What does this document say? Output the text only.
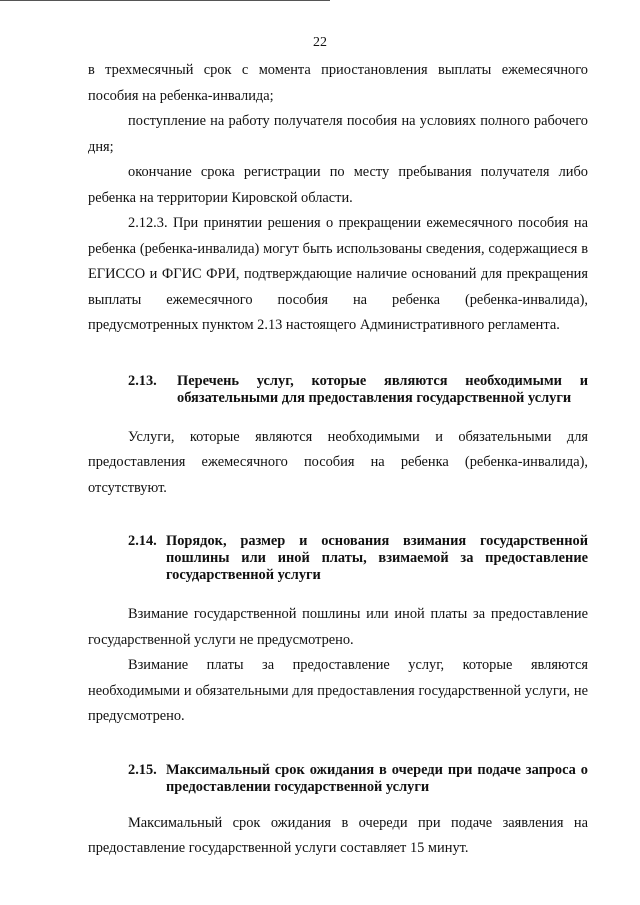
22

в трехмесячный срок с момента приостановления выплаты ежемесячного пособия на ребенка-инвалида;

поступление на работу получателя пособия на условиях полного рабочего дня;

окончание срока регистрации по месту пребывания получателя либо ребенка на территории Кировской области.

2.12.3. При принятии решения о прекращении ежемесячного пособия на ребенка (ребенка-инвалида) могут быть использованы сведения, содержащиеся в ЕГИССО и ФГИС ФРИ, подтверждающие наличие оснований для прекращения выплаты ежемесячного пособия на ребенка (ребенка-инвалида), предусмотренных пунктом 2.13 настоящего Административного регламента.

2.13.	Перечень услуг, которые являются необходимыми и обязательными для предоставления государственной услуги

Услуги, которые являются необходимыми и обязательными для предоставления ежемесячного пособия на ребенка (ребенка-инвалида), отсутствуют.

2.14. Порядок, размер и основания взимания государственной пошлины или иной платы, взимаемой за предоставление государственной услуги

Взимание государственной пошлины или иной платы за предоставление государственной услуги не предусмотрено.

Взимание платы за предоставление услуг, которые являются необходимыми и обязательными для предоставления государственной услуги, не предусмотрено.

2.15. Максимальный срок ожидания в очереди при подаче запроса о предоставлении государственной услуги

Максимальный срок ожидания в очереди при подаче заявления на предоставление государственной услуги составляет 15 минут.
